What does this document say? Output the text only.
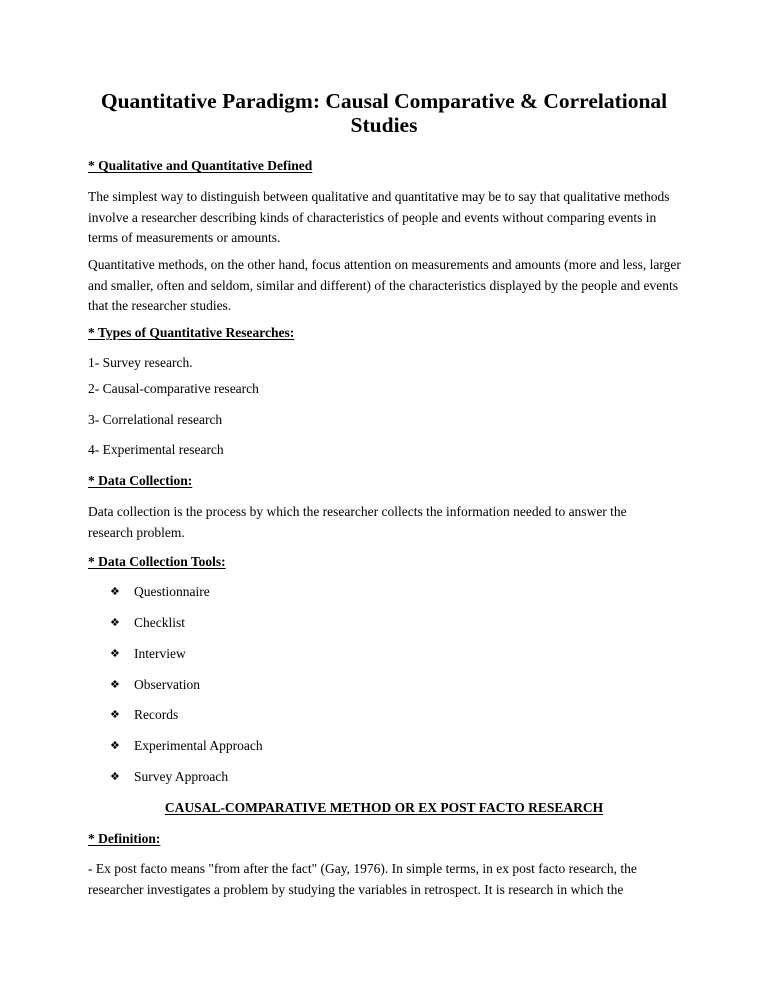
Quantitative Paradigm: Causal Comparative & Correlational Studies
* Qualitative and Quantitative Defined

The simplest way to distinguish between qualitative and quantitative may be to say that qualitative methods involve a researcher describing kinds of characteristics of people and events without comparing events in terms of measurements or amounts.

Quantitative methods, on the other hand, focus attention on measurements and amounts (more and less, larger and smaller, often and seldom, similar and different) of the characteristics displayed by the people and events that the researcher studies.

* Types of Quantitative Researches:
1- Survey research.
2- Causal-comparative research
3- Correlational research
4- Experimental research
* Data Collection:

Data collection is the process by which the researcher collects the information needed to answer the research problem.

* Data Collection Tools:
❖	Questionnaire
❖	Checklist
❖	Interview
❖	Observation
❖	Records
❖	Experimental Approach
❖	Survey Approach
CAUSAL-COMPARATIVE METHOD OR EX POST FACTO RESEARCH
* Definition:

- Ex post facto means "from after the fact" (Gay, 1976). In simple terms, in ex post facto research, the researcher investigates a problem by studying the variables in retrospect. It is research in which the
